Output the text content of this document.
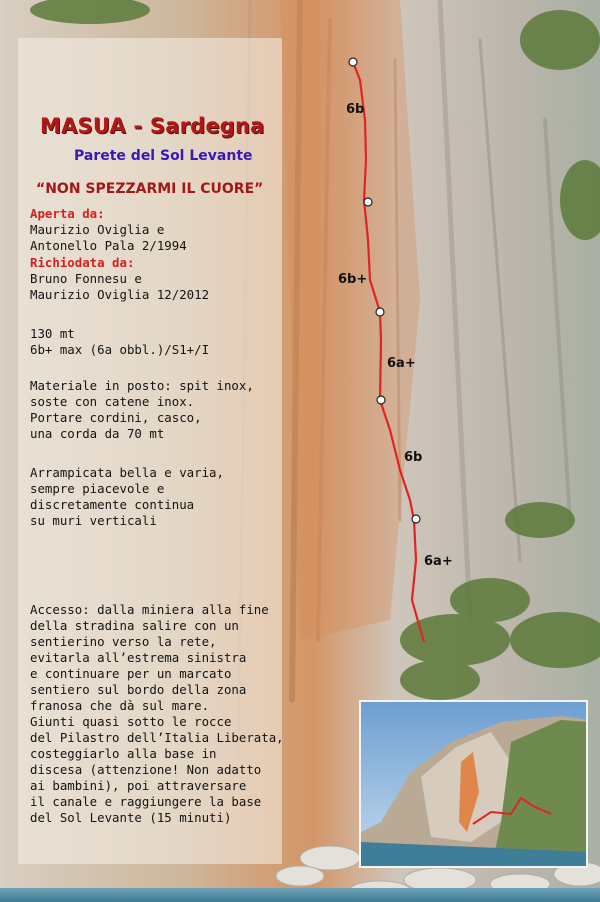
6b
6b+
6a+
6b
6a+
MASUA - Sardegna
Parete del Sol Levante
“NON SPEZZARMI IL CUORE”

Aperta da:

Maurizio Oviglia e

Antonello Pala 2/1994

Richiodata da:

Bruno Fonnesu e

Maurizio Oviglia 12/2012

130 mt

6b+ max (6a obbl.)/S1+/I

Materiale in posto: spit inox,

soste con catene inox.

Portare cordini, casco,

una corda da 70 mt

Arrampicata bella e varia,

sempre piacevole e

discretamente continua

su muri verticali

Accesso: dalla miniera alla fine

della stradina salire con un

sentierino verso la rete,

evitarla all’estrema sinistra

e continuare per un marcato

sentiero sul bordo della zona

franosa che dà sul mare.

Giunti quasi sotto le rocce

del Pilastro dell’Italia Liberata,

costeggiarlo alla base in

discesa (attenzione! Non adatto

ai bambini), poi attraversare

il canale e raggiungere la base

del Sol Levante (15 minuti)
